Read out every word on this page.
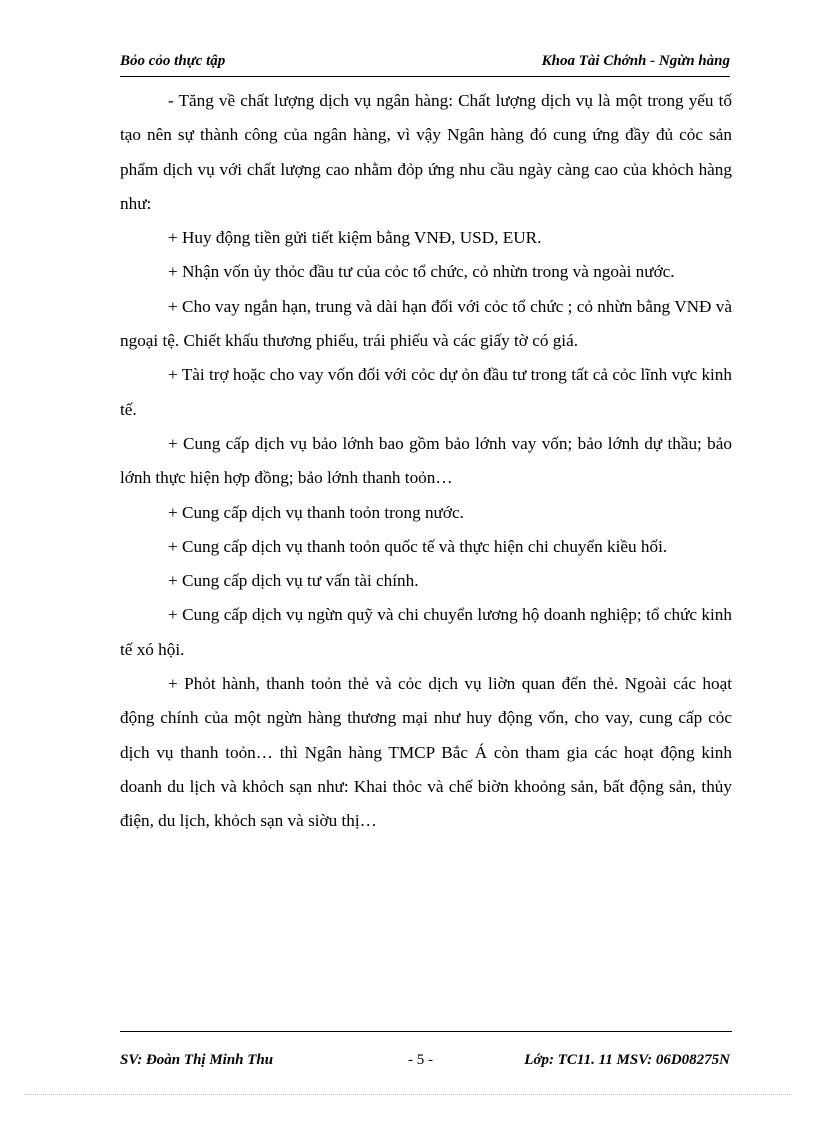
Bỏo cỏo thực tập	Khoa Tài Chớnh - Ngừn hàng

- Tăng về chất lượng dịch vụ ngân hàng: Chất lượng dịch vụ là một trong yếu tố tạo nên sự thành công của ngân hàng, vì vậy Ngân hàng đó cung ứng đầy đủ cỏc sản phẩm dịch vụ với chất lượng cao nhằm đỏp ứng nhu cầu ngày càng cao của khỏch hàng như:

+ Huy động tiền gửi tiết kiệm bằng VNĐ, USD, EUR.

+ Nhận vốn ủy thỏc đầu tư của cỏc tổ chức, cỏ nhừn trong và ngoài nước.

+ Cho vay ngắn hạn, trung và dài hạn đối với cỏc tổ chức ; cỏ nhừn bằng VNĐ và ngoại tệ. Chiết khấu thương phiếu, trái phiếu và các giấy tờ có giá.

+ Tài trợ hoặc cho vay vốn đối với cỏc dự ỏn đầu tư trong tất cả cỏc lĩnh vực kinh tế.

+ Cung cấp dịch vụ bảo lớnh bao gồm bảo lớnh vay vốn; bảo lớnh dự thầu; bảo lớnh thực hiện hợp đồng; bảo lớnh thanh toỏn…

+ Cung cấp dịch vụ thanh toỏn trong nước.

+ Cung cấp dịch vụ thanh toỏn quốc tế và thực hiện chi chuyển kiều hối.

+ Cung cấp dịch vụ tư vấn tài chính.

+ Cung cấp dịch vụ ngừn quỹ và chi chuyển lương hộ doanh nghiệp; tổ chức kinh tế xó hội.

+ Phỏt hành, thanh toỏn thẻ và cỏc dịch vụ liờn quan đến thẻ. Ngoài các hoạt động chính của một ngừn hàng thương mại như huy động vốn, cho vay, cung cấp cỏc dịch vụ thanh toỏn… thì Ngân hàng TMCP Bắc Á còn tham gia các hoạt động kinh doanh du lịch và khỏch sạn như: Khai thỏc và chế biờn khoỏng sản, bất động sản, thủy điện, du lịch, khỏch sạn và siờu thị…

SV: Đoàn Thị Minh Thu	- 5 -	Lớp: TC11. 11 MSV: 06D08275N
